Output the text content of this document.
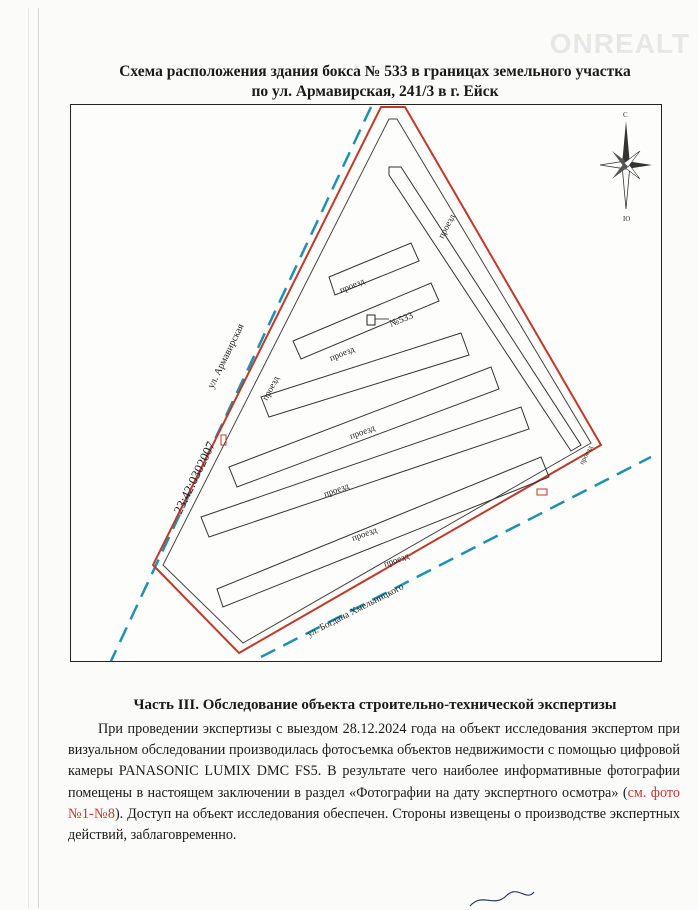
ONREALT
Схема расположения здания бокса № 533 в границах земельного участка
по ул. Армавирская, 241/3 в г. Ейск
С
Ю
ул. Армавирская
23:42:0302007
ул. Богдана Хмельницкого
проезд
проезд
проезд
проезд
проезд
проезд
проезд
проезд
проезд
№533
Часть III. Обследование объекта строительно-технической экспертизы

При проведении экспертизы с выездом 28.12.2024 года на объект исследования экспертом при визуальном обследовании производилась фотосъемка объектов недвижимости с помощью цифровой камеры PANASONIC LUMIX DMC FS5. В результате чего наиболее информативные фотографии помещены в настоящем заключении в раздел «Фотографии на дату экспертного осмотра» (см. фото №1-№8). Доступ на объект исследования обеспечен. Стороны извещены о производстве экспертных действий, заблаговременно.
